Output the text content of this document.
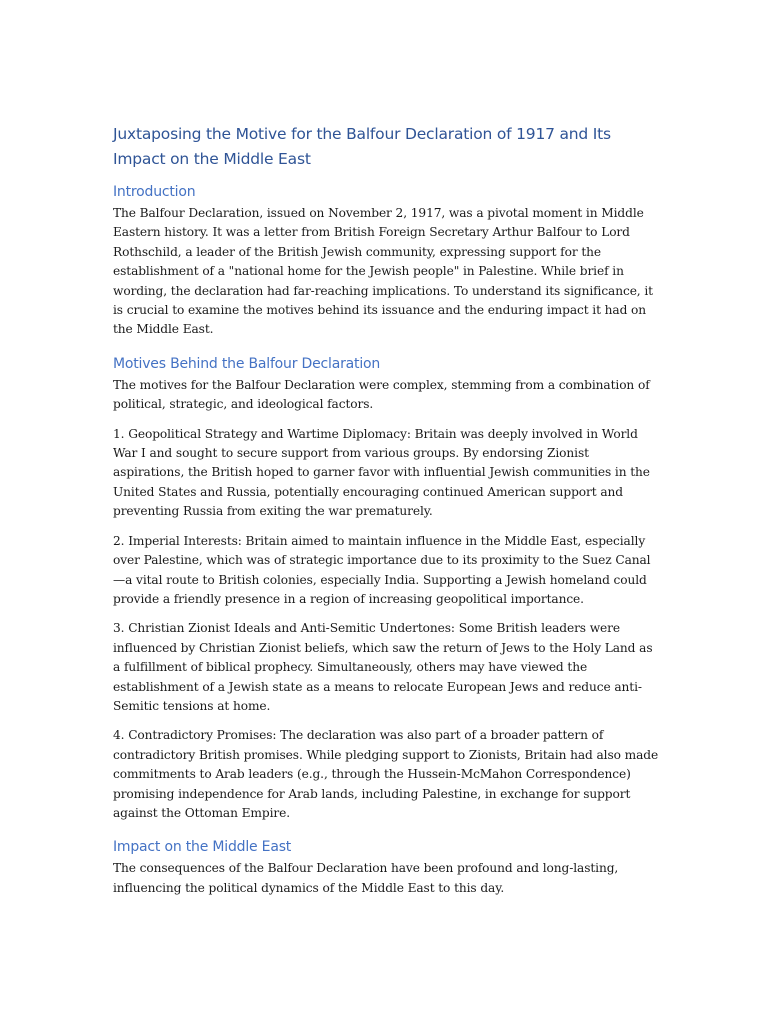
Juxtaposing the Motive for the Balfour Declaration of 1917 and Its Impact on the Middle East
Introduction

The Balfour Declaration, issued on November 2, 1917, was a pivotal moment in Middle Eastern history. It was a letter from British Foreign Secretary Arthur Balfour to Lord Rothschild, a leader of the British Jewish community, expressing support for the establishment of a "national home for the Jewish people" in Palestine. While brief in wording, the declaration had far-reaching implications. To understand its significance, it is crucial to examine the motives behind its issuance and the enduring impact it had on the Middle East.

Motives Behind the Balfour Declaration

The motives for the Balfour Declaration were complex, stemming from a combination of political, strategic, and ideological factors.

1. Geopolitical Strategy and Wartime Diplomacy: Britain was deeply involved in World War I and sought to secure support from various groups. By endorsing Zionist aspirations, the British hoped to garner favor with influential Jewish communities in the United States and Russia, potentially encouraging continued American support and preventing Russia from exiting the war prematurely.

2. Imperial Interests: Britain aimed to maintain influence in the Middle East, especially over Palestine, which was of strategic importance due to its proximity to the Suez Canal—a vital route to British colonies, especially India. Supporting a Jewish homeland could provide a friendly presence in a region of increasing geopolitical importance.

3. Christian Zionist Ideals and Anti-Semitic Undertones: Some British leaders were influenced by Christian Zionist beliefs, which saw the return of Jews to the Holy Land as a fulfillment of biblical prophecy. Simultaneously, others may have viewed the establishment of a Jewish state as a means to relocate European Jews and reduce anti-Semitic tensions at home.

4. Contradictory Promises: The declaration was also part of a broader pattern of contradictory British promises. While pledging support to Zionists, Britain had also made commitments to Arab leaders (e.g., through the Hussein-McMahon Correspondence) promising independence for Arab lands, including Palestine, in exchange for support against the Ottoman Empire.

Impact on the Middle East

The consequences of the Balfour Declaration have been profound and long-lasting, influencing the political dynamics of the Middle East to this day.
